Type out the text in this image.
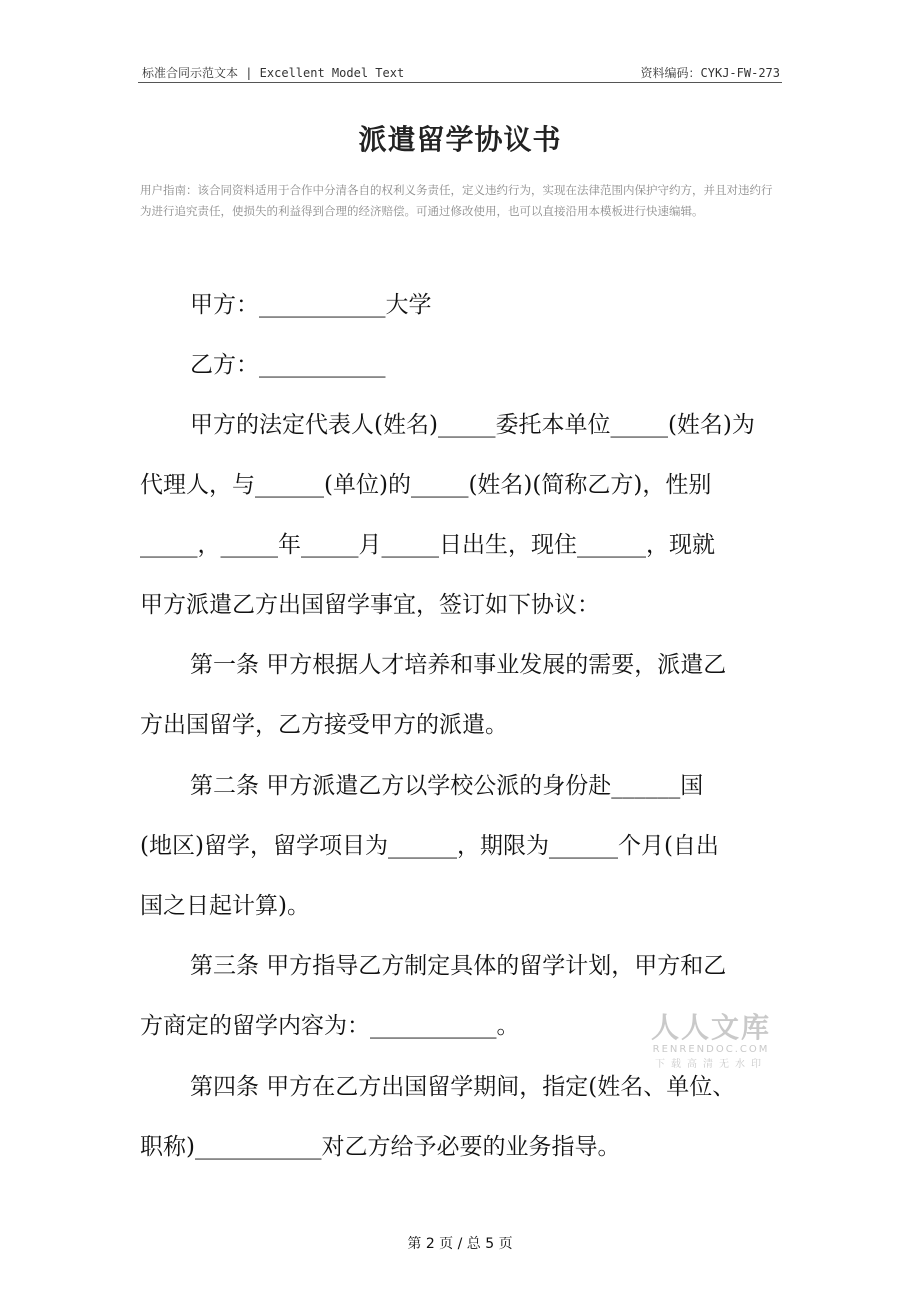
标准合同示范文本 | Excellent Model Text	资料编码：CYKJ-FW-273
派遣留学协议书
用户指南：该合同资料适用于合作中分清各自的权利义务责任，定义违约行为，实现在法律范围内保护守约方，并且对违约行为进行追究责任，使损失的利益得到合理的经济赔偿。可通过修改使用，也可以直接沿用本模板进行快速编辑。
甲方：___________大学
乙方：___________
甲方的法定代表人(姓名)_____委托本单位_____(姓名)为
代理人，与______(单位)的_____(姓名)(简称乙方)，性别
_____，_____年_____月_____日出生，现住______，现就
甲方派遣乙方出国留学事宜，签订如下协议：
第一条 甲方根据人才培养和事业发展的需要，派遣乙
方出国留学，乙方接受甲方的派遣。
第二条 甲方派遣乙方以学校公派的身份赴______国
(地区)留学，留学项目为______，期限为______个月(自出
国之日起计算)。
第三条 甲方指导乙方制定具体的留学计划，甲方和乙
方商定的留学内容为：___________。
第四条 甲方在乙方出国留学期间，指定(姓名、单位、
职称)___________对乙方给予必要的业务指导。
人人文库
RENRENDOC.COM
下载高清无水印
第 2 页 / 总 5 页
